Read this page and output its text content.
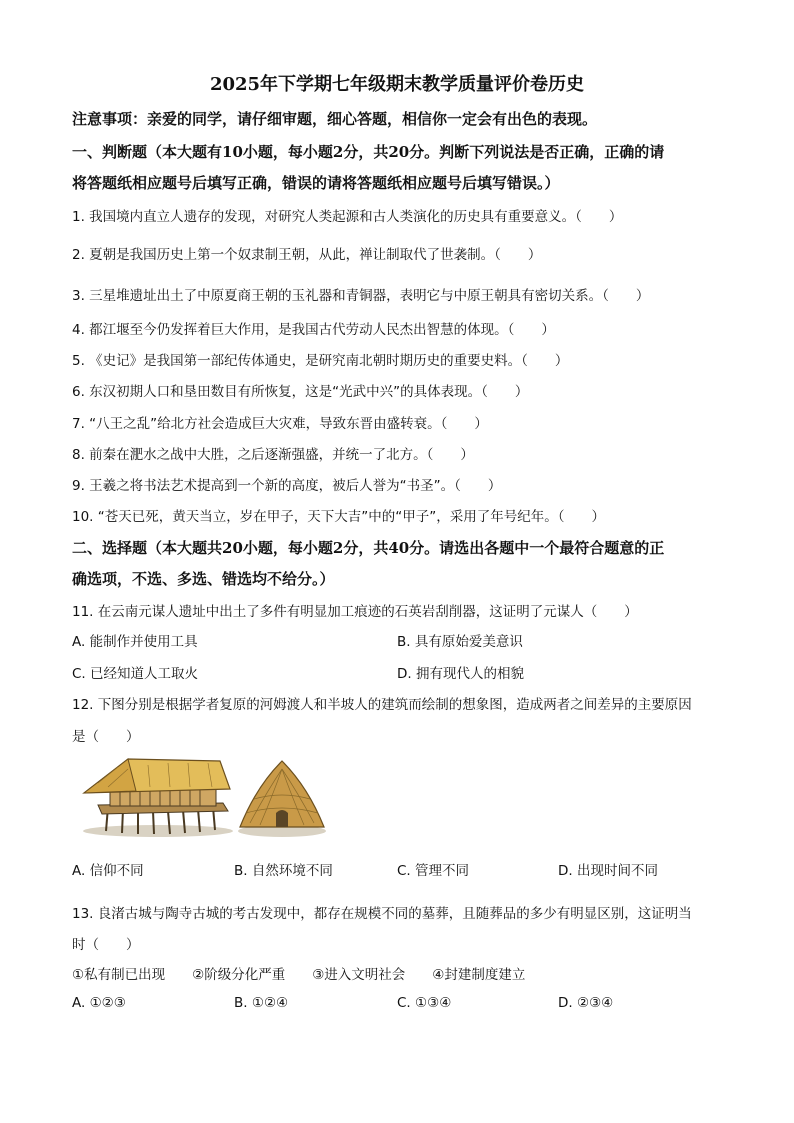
2025年下学期七年级期末教学质量评价卷历史
注意事项：亲爱的同学，请仔细审题，细心答题，相信你一定会有出色的表现。
一、判断题（本大题有10小题，每小题2分，共20分。判断下列说法是否正确，正确的请
将答题纸相应题号后填写正确，错误的请将答题纸相应题号后填写错误。）
1. 我国境内直立人遗存的发现，对研究人类起源和古人类演化的历史具有重要意义。（　　）
2. 夏朝是我国历史上第一个奴隶制王朝，从此，禅让制取代了世袭制。（　　）
3. 三星堆遗址出土了中原夏商王朝的玉礼器和青铜器，表明它与中原王朝具有密切关系。（　　）
4. 都江堰至今仍发挥着巨大作用，是我国古代劳动人民杰出智慧的体现。（　　）
5. 《史记》是我国第一部纪传体通史，是研究南北朝时期历史的重要史料。（　　）
6. 东汉初期人口和垦田数目有所恢复，这是“光武中兴”的具体表现。（　　）
7. “八王之乱”给北方社会造成巨大灾难，导致东晋由盛转衰。（　　）
8. 前秦在淝水之战中大胜，之后逐渐强盛，并统一了北方。（　　）
9. 王羲之将书法艺术提高到一个新的高度，被后人誉为“书圣”。（　　）
10. “苍天已死，黄天当立，岁在甲子，天下大吉”中的“甲子”，采用了年号纪年。（　　）
二、选择题（本大题共20小题，每小题2分，共40分。请选出各题中一个最符合题意的正
确选项，不选、多选、错选均不给分。）
11. 在云南元谋人遗址中出土了多件有明显加工痕迹的石英岩刮削器，这证明了元谋人（　　）
A. 能制作并使用工具	B. 具有原始爱美意识
C. 已经知道人工取火	D. 拥有现代人的相貌
12. 下图分别是根据学者复原的河姆渡人和半坡人的建筑而绘制的想象图，造成两者之间差异的主要原因
是（　　）
A. 信仰不同	B. 自然环境不同	C. 管理不同	D. 出现时间不同
13. 良渚古城与陶寺古城的考古发现中，都存在规模不同的墓葬，且随葬品的多少有明显区别，这证明当
时（　　）
①私有制已出现　　②阶级分化严重　　③进入文明社会　　④封建制度建立
A. ①②③	B. ①②④	C. ①③④	D. ②③④
